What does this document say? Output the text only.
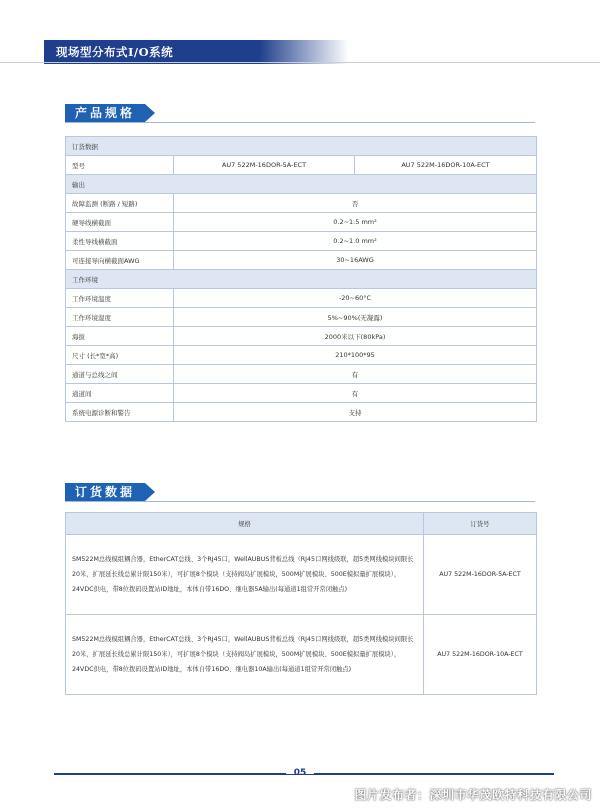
现场型分布式I/O系统
产品规格
订货数据		
型号	AU7 522M-16DOR-5A-ECT	AU7 522M-16DOR-10A-ECT
输出		
故障监测 (断路 / 短路)	否	
硬导线横截面	0.2~1.5 mm²	
柔性导线横截面	0.2~1.0 mm²	
可连接导向横截面AWG	30~16AWG	
工作环境		
工作环境温度	-20~60°C	
工作环境湿度	5%~90%(无凝露)	
海拔	2000米以下(80kPa)	
尺寸 (长*宽*高)	210*100*95	
通道与总线之间	有	
通道间	有	
系统电源诊断和警告	支持	
订货数据
规格	订货号
SM522M总线模组耦合器，EtherCAT总线、3个RJ45口，WellAUBUS背板总线（RJ45口网线级联，超5类网线模块间限长20米，扩展延长线总累计限150米），可扩展8个模块（支持阀岛扩展模块，500M扩展模块、500E模拟量扩展模块），24VDC供电，带8位拨码设置站ID地址，本体自带16DO、继电器5A输出(每通道1组常开常闭触点)	AU7 522M-16DOR-5A-ECT
SM522M总线模组耦合器，EtherCAT总线、3个RJ45口，WellAUBUS背板总线（RJ45口网线级联，超5类网线模块间限长20米，扩展延长线总累计限150米），可扩展8个模块（支持阀岛扩展模块，500M扩展模块、500E模拟量扩展模块），24VDC供电，带8位拨码设置站ID地址，本体自带16DO、继电器10A输出(每通道1组常开常闭触点)	AU7 522M-16DOR-10A-ECT
05
图片发布者：深圳市华茂欧特科技有限公司
